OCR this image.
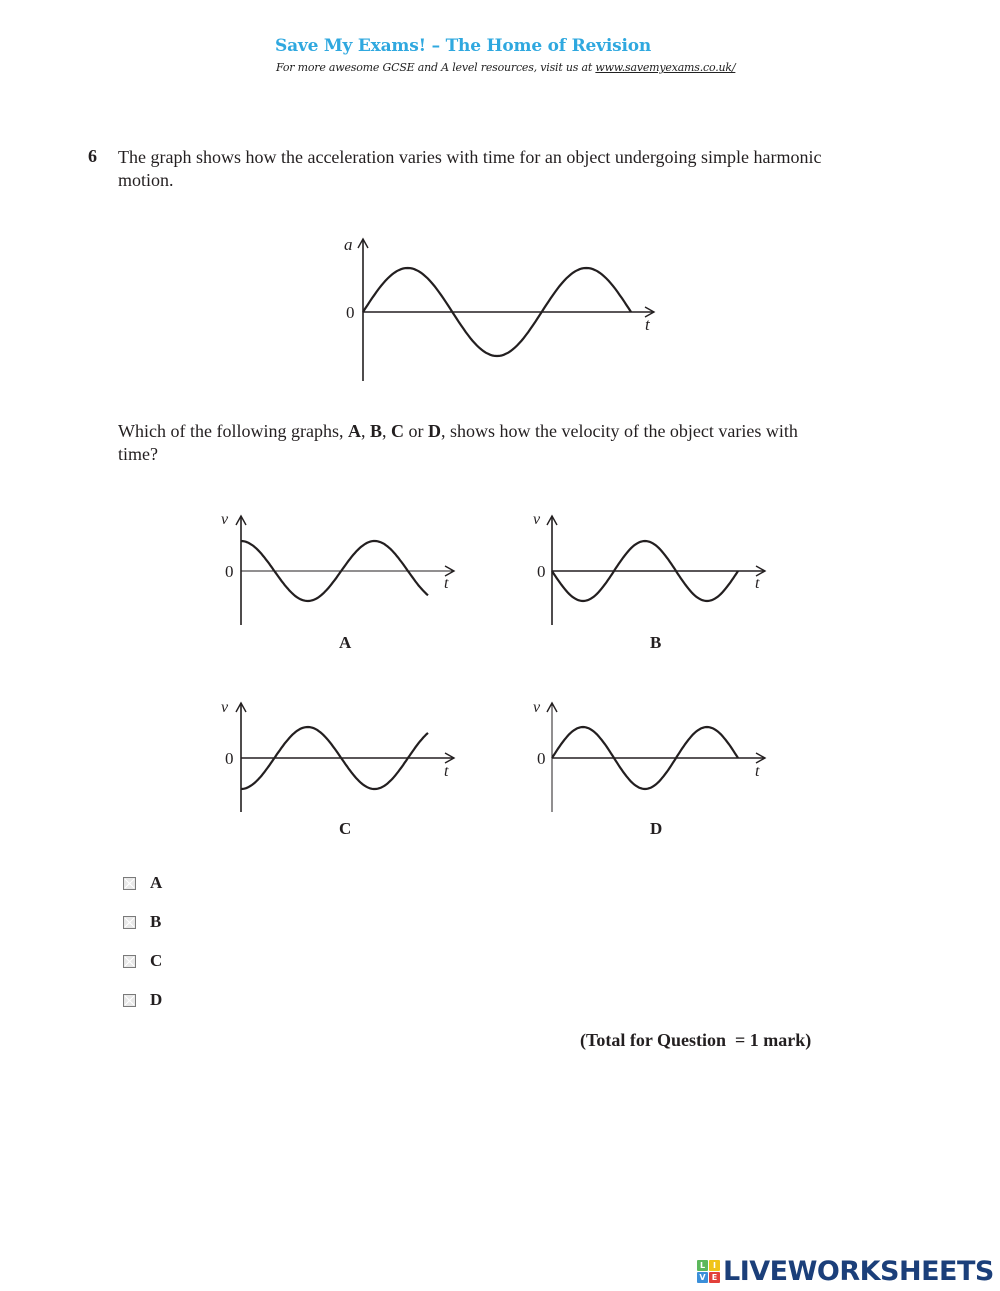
Save My Exams! – The Home of Revision
For more awesome GCSE and A level resources, visit us at www.savemyexams.co.uk/
6 The graph shows how the acceleration varies with time for an object undergoing simple harmonic motion.
Which of the following graphs, A, B, C or D, shows how the velocity of the object varies with time?
a
0
t
v
0
t
A
v
0
t
B
v
0
t
C
v
0
t
D
A
B
C
D
(Total for Question  = 1 mark)
L I
V E LIVEWORKSHEETS
